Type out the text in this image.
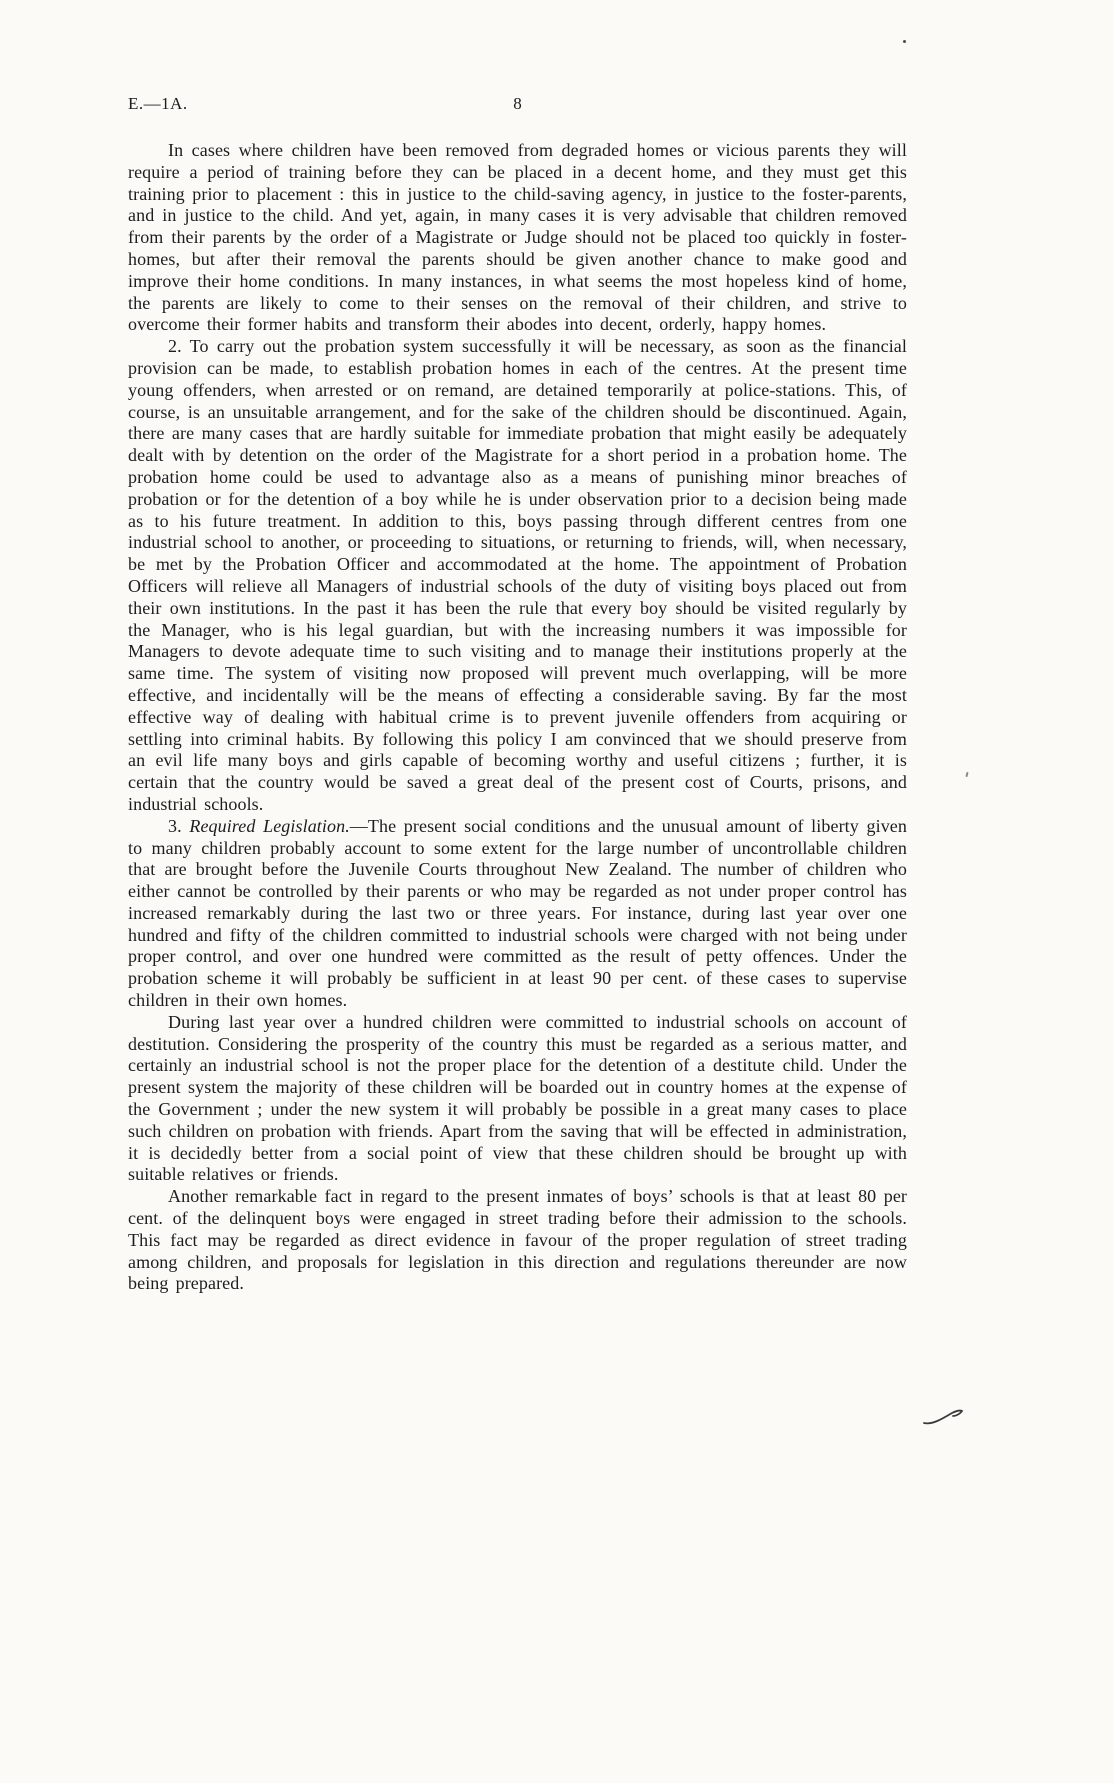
E.—1A.	8

In cases where children have been removed from degraded homes or vicious parents they will require a period of training before they can be placed in a decent home, and they must get this training prior to placement : this in justice to the child-saving agency, in justice to the foster-parents, and in justice to the child. And yet, again, in many cases it is very advisable that children removed from their parents by the order of a Magistrate or Judge should not be placed too quickly in foster-homes, but after their removal the parents should be given another chance to make good and improve their home conditions. In many instances, in what seems the most hopeless kind of home, the parents are likely to come to their senses on the removal of their children, and strive to overcome their former habits and transform their abodes into decent, orderly, happy homes.

2. To carry out the probation system successfully it will be necessary, as soon as the financial provision can be made, to establish probation homes in each of the centres. At the present time young offenders, when arrested or on remand, are detained temporarily at police-stations. This, of course, is an unsuitable arrangement, and for the sake of the children should be discontinued. Again, there are many cases that are hardly suitable for immediate probation that might easily be adequately dealt with by detention on the order of the Magistrate for a short period in a probation home. The probation home could be used to advantage also as a means of punishing minor breaches of probation or for the detention of a boy while he is under observation prior to a decision being made as to his future treatment. In addition to this, boys passing through different centres from one industrial school to another, or proceeding to situations, or returning to friends, will, when necessary, be met by the Probation Officer and accommodated at the home. The appointment of Probation Officers will relieve all Managers of industrial schools of the duty of visiting boys placed out from their own institutions. In the past it has been the rule that every boy should be visited regularly by the Manager, who is his legal guardian, but with the increasing numbers it was impossible for Managers to devote adequate time to such visiting and to manage their institutions properly at the same time. The system of visiting now proposed will prevent much overlapping, will be more effective, and incidentally will be the means of effecting a considerable saving. By far the most effective way of dealing with habitual crime is to prevent juvenile offenders from acquiring or settling into criminal habits. By following this policy I am convinced that we should preserve from an evil life many boys and girls capable of becoming worthy and useful citizens ; further, it is certain that the country would be saved a great deal of the present cost of Courts, prisons, and industrial schools.

3. Required Legislation.—The present social conditions and the unusual amount of liberty given to many children probably account to some extent for the large number of uncontrollable children that are brought before the Juvenile Courts throughout New Zealand. The number of children who either cannot be controlled by their parents or who may be regarded as not under proper control has increased remarkably during the last two or three years. For instance, during last year over one hundred and fifty of the children committed to industrial schools were charged with not being under proper control, and over one hundred were committed as the result of petty offences. Under the probation scheme it will probably be sufficient in at least 90 per cent. of these cases to supervise children in their own homes.

During last year over a hundred children were committed to industrial schools on account of destitution. Considering the prosperity of the country this must be regarded as a serious matter, and certainly an industrial school is not the proper place for the detention of a destitute child. Under the present system the majority of these children will be boarded out in country homes at the expense of the Government ; under the new system it will probably be possible in a great many cases to place such children on probation with friends. Apart from the saving that will be effected in administration, it is decidedly better from a social point of view that these children should be brought up with suitable relatives or friends.

Another remarkable fact in regard to the present inmates of boys’ schools is that at least 80 per cent. of the delinquent boys were engaged in street trading before their admission to the schools. This fact may be regarded as direct evidence in favour of the proper regulation of street trading among children, and proposals for legislation in this direction and regulations thereunder are now being prepared.
